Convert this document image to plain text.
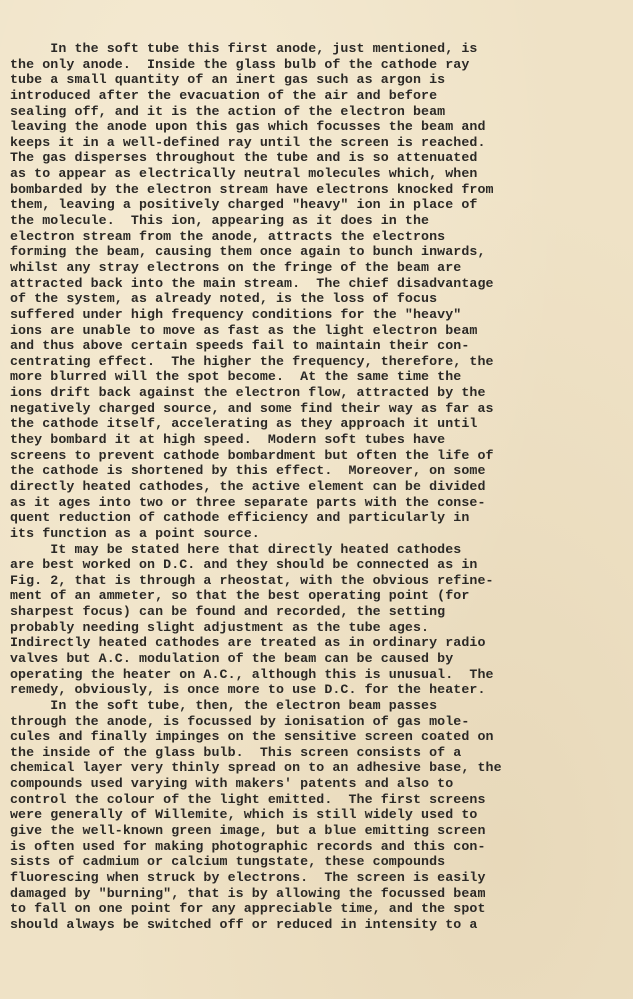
In the soft tube this first anode, just mentioned, is
the only anode.  Inside the glass bulb of the cathode ray
tube a small quantity of an inert gas such as argon is
introduced after the evacuation of the air and before
sealing off, and it is the action of the electron beam
leaving the anode upon this gas which focusses the beam and
keeps it in a well-defined ray until the screen is reached.
The gas disperses throughout the tube and is so attenuated
as to appear as electrically neutral molecules which, when
bombarded by the electron stream have electrons knocked from
them, leaving a positively charged "heavy" ion in place of
the molecule.  This ion, appearing as it does in the
electron stream from the anode, attracts the electrons
forming the beam, causing them once again to bunch inwards,
whilst any stray electrons on the fringe of the beam are
attracted back into the main stream.  The chief disadvantage
of the system, as already noted, is the loss of focus
suffered under high frequency conditions for the "heavy"
ions are unable to move as fast as the light electron beam
and thus above certain speeds fail to maintain their con-
centrating effect.  The higher the frequency, therefore, the
more blurred will the spot become.  At the same time the
ions drift back against the electron flow, attracted by the
negatively charged source, and some find their way as far as
the cathode itself, accelerating as they approach it until
they bombard it at high speed.  Modern soft tubes have
screens to prevent cathode bombardment but often the life of
the cathode is shortened by this effect.  Moreover, on some
directly heated cathodes, the active element can be divided
as it ages into two or three separate parts with the consе-
quent reduction of cathode efficiency and particularly in
its function as a point source.
It may be stated here that directly heated cathodes
are best worked on D.C. and they should be connected as in
Fig. 2, that is through a rheostat, with the obvious refine-
ment of an ammeter, so that the best operating point (for
sharpest focus) can be found and recorded, the setting
probably needing slight adjustment as the tube ages.
Indirectly heated cathodes are treated as in ordinary radio
valves but A.C. modulation of the beam can be caused by
operating the heater on A.C., although this is unusual.  The
remedy, obviously, is once more to use D.C. for the heater.
In the soft tube, then, the electron beam passes
through the anode, is focussed by ionisation of gas mole-
cules and finally impinges on the sensitive screen coated on
the inside of the glass bulb.  This screen consists of a
chemical layer very thinly spread on to an adhesive base, the
compounds used varying with makers' patents and also to
control the colour of the light emitted.  The first screens
were generally of Willemite, which is still widely used to
give the well-known green image, but a blue emitting screen
is often used for making photographic records and this con-
sists of cadmium or calcium tungstate, these compounds
fluorescing when struck by electrons.  The screen is easily
damaged by "burning", that is by allowing the focussed beam
to fall on one point for any appreciable time, and the spot
should always be switched off or reduced in intensity to a
